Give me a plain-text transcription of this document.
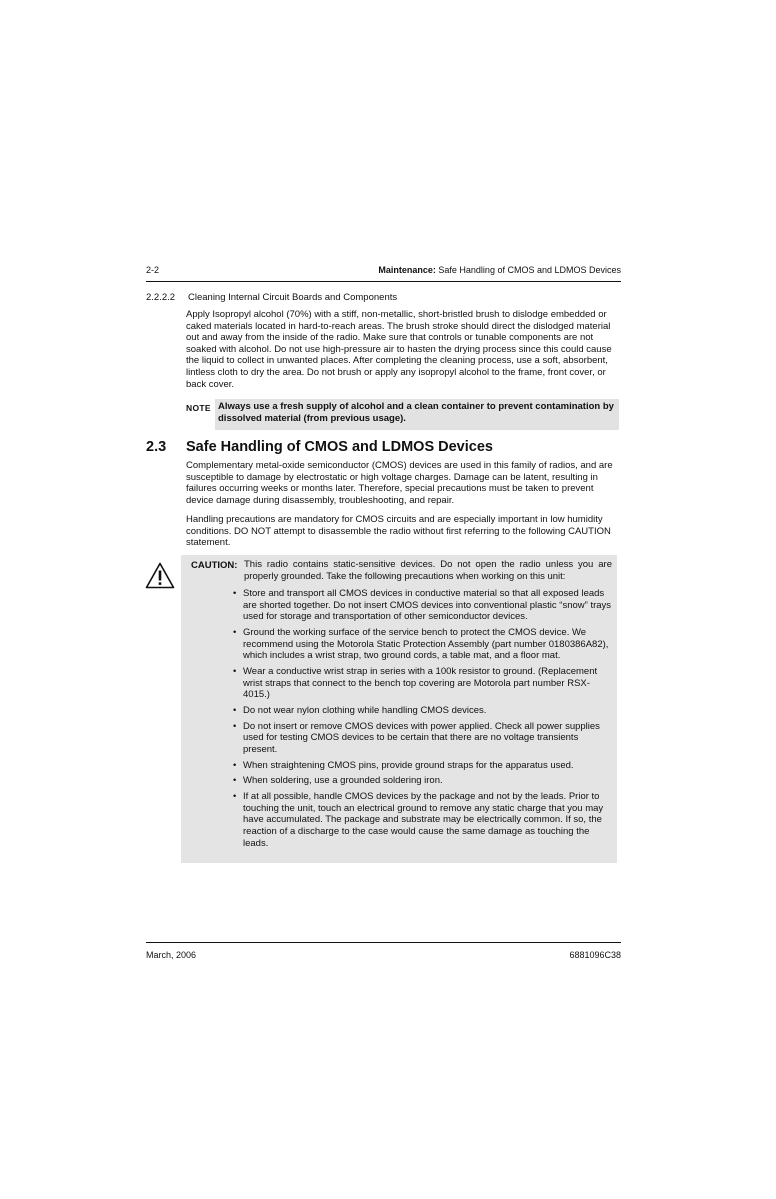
2-2	Maintenance: Safe Handling of CMOS and LDMOS Devices
2.2.2.2 Cleaning Internal Circuit Boards and Components
Apply Isopropyl alcohol (70%) with a stiff, non-metallic, short-bristled brush to dislodge embedded or caked materials located in hard-to-reach areas. The brush stroke should direct the dislodged material out and away from the inside of the radio. Make sure that controls or tunable components are not soaked with alcohol. Do not use high-pressure air to hasten the drying process since this could cause the liquid to collect in unwanted places. After completing the cleaning process, use a soft, absorbent, lintless cloth to dry the area. Do not brush or apply any isopropyl alcohol to the frame, front cover, or back cover.
NOTE Always use a fresh supply of alcohol and a clean container to prevent contamination by dissolved material (from previous usage).
2.3 Safe Handling of CMOS and LDMOS Devices
Complementary metal-oxide semiconductor (CMOS) devices are used in this family of radios, and are susceptible to damage by electrostatic or high voltage charges. Damage can be latent, resulting in failures occurring weeks or months later. Therefore, special precautions must be taken to prevent device damage during disassembly, troubleshooting, and repair.
Handling precautions are mandatory for CMOS circuits and are especially important in low humidity conditions. DO NOT attempt to disassemble the radio without first referring to the following CAUTION statement.
CAUTION: This radio contains static-sensitive devices. Do not open the radio unless you are properly grounded. Take the following precautions when working on this unit:
• Store and transport all CMOS devices in conductive material so that all exposed leads are shorted together. Do not insert CMOS devices into conventional plastic “snow” trays used for storage and transportation of other semiconductor devices.
• Ground the working surface of the service bench to protect the CMOS device. We recommend using the Motorola Static Protection Assembly (part number 0180386A82), which includes a wrist strap, two ground cords, a table mat, and a floor mat.
• Wear a conductive wrist strap in series with a 100k resistor to ground. (Replacement wrist straps that connect to the bench top covering are Motorola part number RSX-4015.)
• Do not wear nylon clothing while handling CMOS devices.
• Do not insert or remove CMOS devices with power applied. Check all power supplies used for testing CMOS devices to be certain that there are no voltage transients present.
• When straightening CMOS pins, provide ground straps for the apparatus used.
• When soldering, use a grounded soldering iron.
• If at all possible, handle CMOS devices by the package and not by the leads. Prior to touching the unit, touch an electrical ground to remove any static charge that you may have accumulated. The package and substrate may be electrically common. If so, the reaction of a discharge to the case would cause the same damage as touching the leads.
March, 2006	6881096C38
